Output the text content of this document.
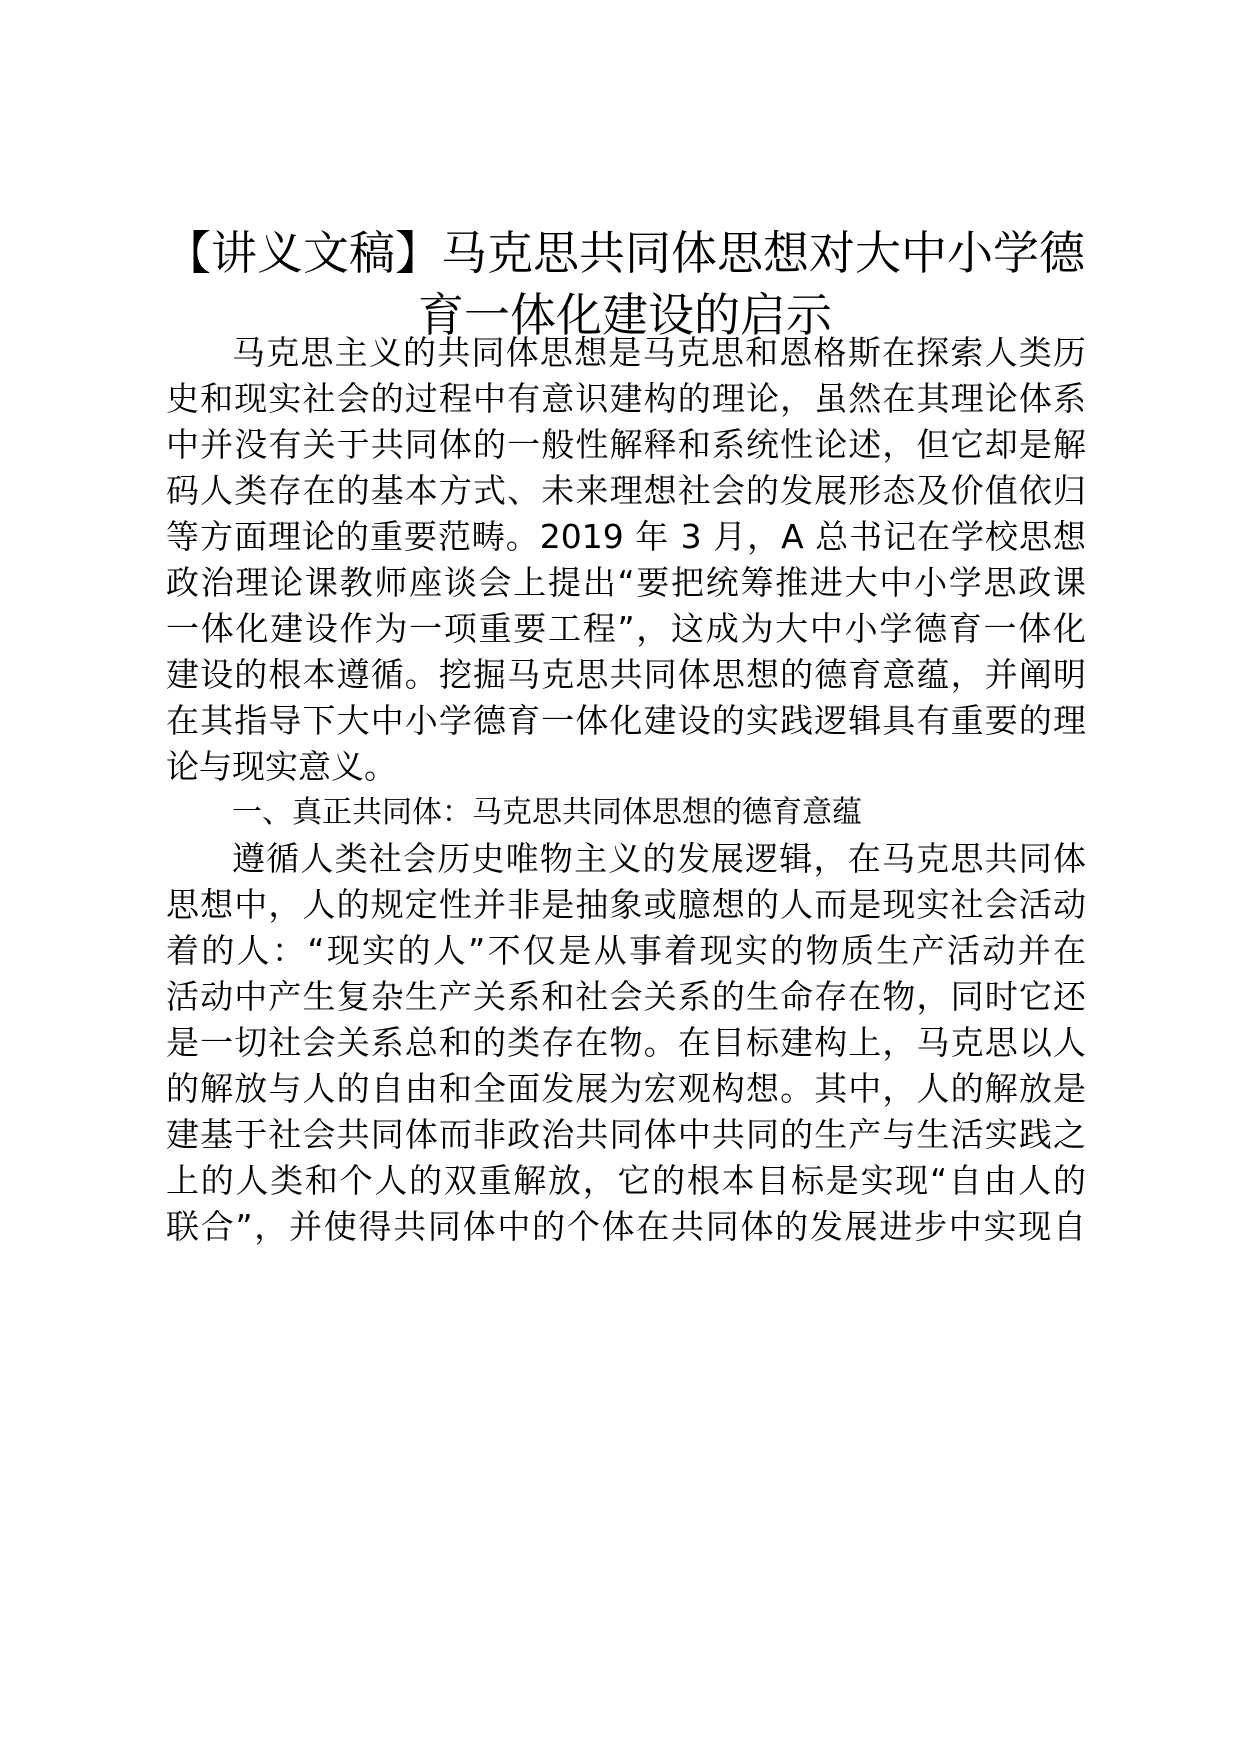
【讲义文稿】马克思共同体思想对大中小学德
育一体化建设的启示

马克思主义的共同体思想是马克思和恩格斯在探索人类历

史和现实社会的过程中有意识建构的理论，虽然在其理论体系

中并没有关于共同体的一般性解释和系统性论述，但它却是解

码人类存在的基本方式、未来理想社会的发展形态及价值依归

等方面理论的重要范畴。2019 年 3 月，A 总书记在学校思想

政治理论课教师座谈会上提出“要把统筹推进大中小学思政课

一体化建设作为一项重要工程”，这成为大中小学德育一体化

建设的根本遵循。挖掘马克思共同体思想的德育意蕴，并阐明

在其指导下大中小学德育一体化建设的实践逻辑具有重要的理

论与现实意义。

一、真正共同体：马克思共同体思想的德育意蕴

遵循人类社会历史唯物主义的发展逻辑，在马克思共同体

思想中，人的规定性并非是抽象或臆想的人而是现实社会活动

着的人：“现实的人”不仅是从事着现实的物质生产活动并在

活动中产生复杂生产关系和社会关系的生命存在物，同时它还

是一切社会关系总和的类存在物。在目标建构上，马克思以人

的解放与人的自由和全面发展为宏观构想。其中，人的解放是

建基于社会共同体而非政治共同体中共同的生产与生活实践之

上的人类和个人的双重解放，它的根本目标是实现“自由人的

联合”，并使得共同体中的个体在共同体的发展进步中实现自
